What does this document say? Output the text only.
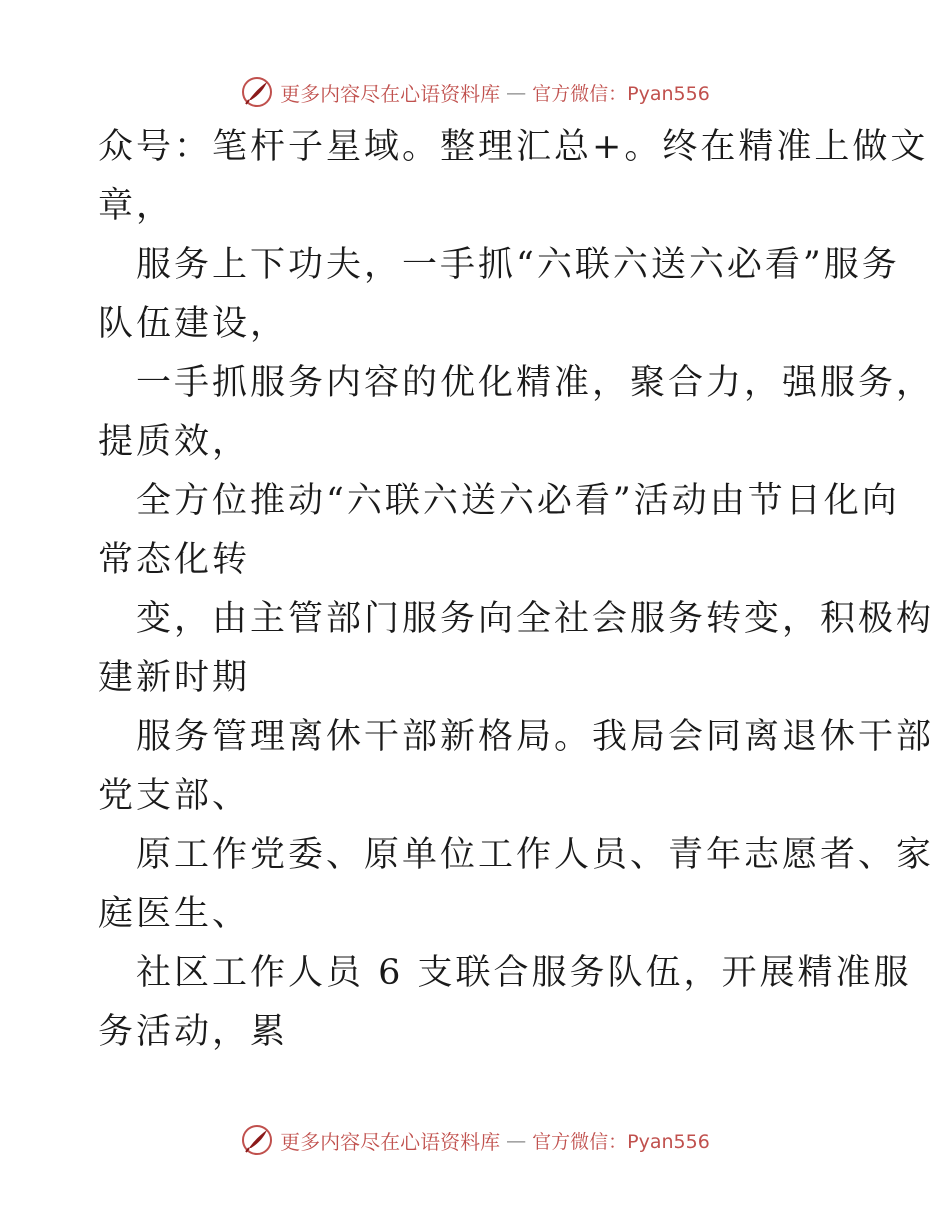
更多内容尽在心语资料库 — 官方微信：Pyan556
众号：笔杆子星域。整理汇总+。终在精准上做文
章，
服务上下功夫，一手抓“六联六送六必看”服务
队伍建设，
一手抓服务内容的优化精准，聚合力，强服务，
提质效，
全方位推动“六联六送六必看”活动由节日化向
常态化转
变，由主管部门服务向全社会服务转变，积极构
建新时期
服务管理离休干部新格局。我局会同离退休干部
党支部、
原工作党委、原单位工作人员、青年志愿者、家
庭医生、
社区工作人员 6 支联合服务队伍，开展精准服
务活动，累
更多内容尽在心语资料库 — 官方微信：Pyan556
